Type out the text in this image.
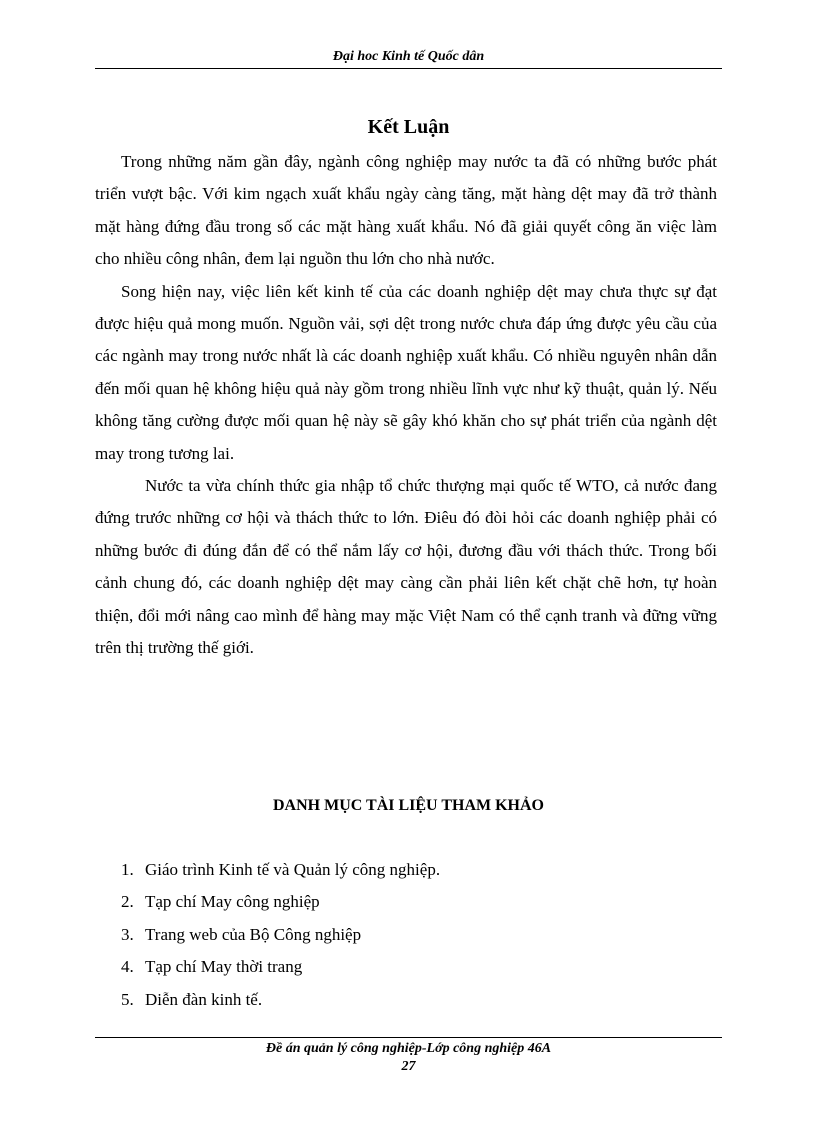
Đại hoc Kinh tế Quốc dân
Kết Luận

Trong những năm gần đây, ngành công nghiệp may nước ta đã có những bước phát triển vượt bậc. Với kim ngạch xuất khẩu ngày càng tăng, mặt hàng dệt may đã trở thành mặt hàng đứng đầu trong số các mặt hàng xuất khẩu. Nó đã giải quyết công ăn việc làm cho nhiều công nhân, đem lại nguồn thu lớn cho nhà nước.

Song hiện nay, việc liên kết kinh tế của các doanh nghiệp dệt may chưa thực sự đạt được hiệu quả mong muốn. Nguồn vải, sợi dệt trong nước chưa đáp ứng được yêu cầu của các ngành may trong nước nhất là các doanh nghiệp xuất khẩu. Có nhiều nguyên nhân dẫn đến mối quan hệ không hiệu quả này gồm trong nhiều lĩnh vực như kỹ thuật, quản lý. Nếu không tăng cường được mối quan hệ này sẽ gây khó khăn cho sự phát triển của ngành dệt may trong tương lai.

Nước ta vừa chính thức gia nhập tổ chức thượng mại quốc tế WTO, cả nước đang đứng trước những cơ hội và thách thức to lớn. Điêu đó đòi hỏi các doanh nghiệp phải có những bước đi đúng đắn để có thể nắm lấy cơ hội, đương đầu với thách thức. Trong bối cảnh chung đó, các doanh nghiệp dệt may càng cần phải liên kết chặt chẽ hơn, tự hoàn thiện, đổi mới nâng cao mình để hàng may mặc Việt Nam có thể cạnh tranh và đững vững trên thị trường thế giới.

DANH MỤC TÀI LIỆU THAM KHẢO
1. Giáo trình Kinh tế và Quản lý công nghiệp.
2. Tạp chí May công nghiệp
3. Trang web của Bộ Công nghiệp
4. Tạp chí May thời trang
5. Diễn đàn kinh tế.
Đề án quản lý công nghiệp-Lớp công nghiệp 46A
27
